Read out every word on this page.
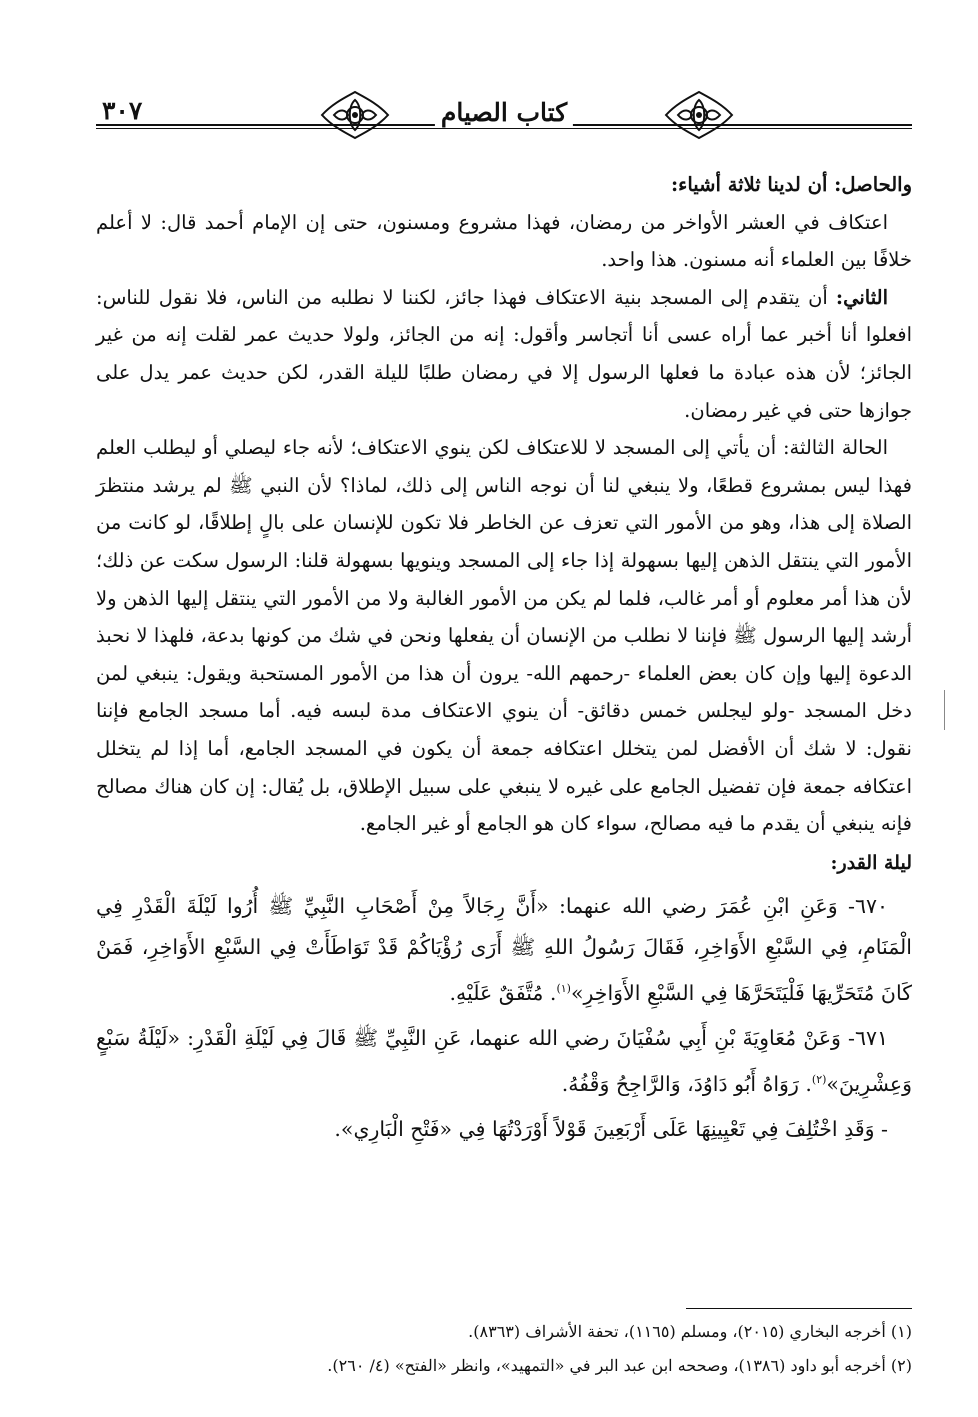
٣٠٧	كتاب الصيام

والحاصل: أن لدينا ثلاثة أشياء:

اعتكاف في العشر الأواخر من رمضان، فهذا مشروع ومسنون، حتى إن الإمام أحمد قال: لا أعلم خلافًا بين العلماء أنه مسنون. هذا واحد.

الثاني: أن يتقدم إلى المسجد بنية الاعتكاف فهذا جائز، لكننا لا نطلبه من الناس، فلا نقول للناس: افعلوا أنا أخبر عما أراه عسى أنا أتجاسر وأقول: إنه من الجائز، ولولا حديث عمر لقلت إنه من غير الجائز؛ لأن هذه عبادة ما فعلها الرسول إلا في رمضان طلبًا لليلة القدر، لكن حديث عمر يدل على جوازها حتى في غير رمضان.

الحالة الثالثة: أن يأتي إلى المسجد لا للاعتكاف لكن ينوي الاعتكاف؛ لأنه جاء ليصلي أو ليطلب العلم فهذا ليس بمشروع قطعًا، ولا ينبغي لنا أن نوجه الناس إلى ذلك، لماذا؟ لأن النبي ﷺ لم يرشد منتظرَ الصلاة إلى هذا، وهو من الأمور التي تعزف عن الخاطر فلا تكون للإنسان على بالٍ إطلاقًا، لو كانت من الأمور التي ينتقل الذهن إليها بسهولة إذا جاء إلى المسجد وينويها بسهولة قلنا: الرسول سكت عن ذلك؛ لأن هذا أمر معلوم أو أمر غالب، فلما لم يكن من الأمور الغالبة ولا من الأمور التي ينتقل إليها الذهن ولا أرشد إليها الرسول ﷺ فإننا لا نطلب من الإنسان أن يفعلها ونحن في شك من كونها بدعة، فلهذا لا نحبذ الدعوة إليها وإن كان بعض العلماء -رحمهم الله- يرون أن هذا من الأمور المستحبة ويقول: ينبغي لمن دخل المسجد -ولو ليجلس خمس دقائق- أن ينوي الاعتكاف مدة لبسه فيه. أما مسجد الجامع فإننا نقول: لا شك أن الأفضل لمن يتخلل اعتكافه جمعة أن يكون في المسجد الجامع، أما إذا لم يتخلل اعتكافه جمعة فإن تفضيل الجامع على غيره لا ينبغي على سبيل الإطلاق، بل يُقال: إن كان هناك مصالح فإنه ينبغي أن يقدم ما فيه مصالح، سواء كان هو الجامع أو غير الجامع.

ليلة القدر:

٦٧٠- وَعَنِ ابْنِ عُمَرَ رضي الله عنهما: «أَنَّ رِجَالاً مِنْ أَصْحَابِ النَّبِيِّ ﷺ أُرُوا لَيْلَةَ الْقَدْرِ فِي الْمَنَامِ، فِي السَّبْعِ الأَوَاخِرِ، فَقَالَ رَسُولُ اللهِ ﷺ أَرَى رُؤْيَاكُمْ قَدْ تَوَاطَأَتْ فِي السَّبْعِ الأَوَاخِرِ، فَمَنْ كَانَ مُتَحَرِّيهَا فَلْيَتَحَرَّهَا فِي السَّبْعِ الأَوَاخِرِ»$^{(١)}$. مُتَّفَقٌ عَلَيْهِ.

٦٧١- وَعَنْ مُعَاوِيَةَ بْنِ أَبِي سُفْيَانَ رضي الله عنهما، عَنِ النَّبِيِّ ﷺ قَالَ فِي لَيْلَةِ الْقَدْرِ: «لَيْلَةُ سَبْعٍ وَعِشْرِينَ»$^{(٢)}$. رَوَاهُ أَبُو دَاوُدَ، وَالرَّاجِحُ وَقْفُهُ.

- وَقَدِ اخْتُلِفَ فِي تَعْيِينِهَا عَلَى أَرْبَعِينَ قَوْلاً أَوْرَدْتُهَا فِي «فَتْحِ الْبَارِي».

(١) أخرجه البخاري (٢٠١٥)، ومسلم (١١٦٥)، تحفة الأشراف (٨٣٦٣).

(٢) أخرجه أبو داود (١٣٨٦)، وصححه ابن عبد البر في «التمهيد»، وانظر «الفتح» (٤/ ٢٦٠).
